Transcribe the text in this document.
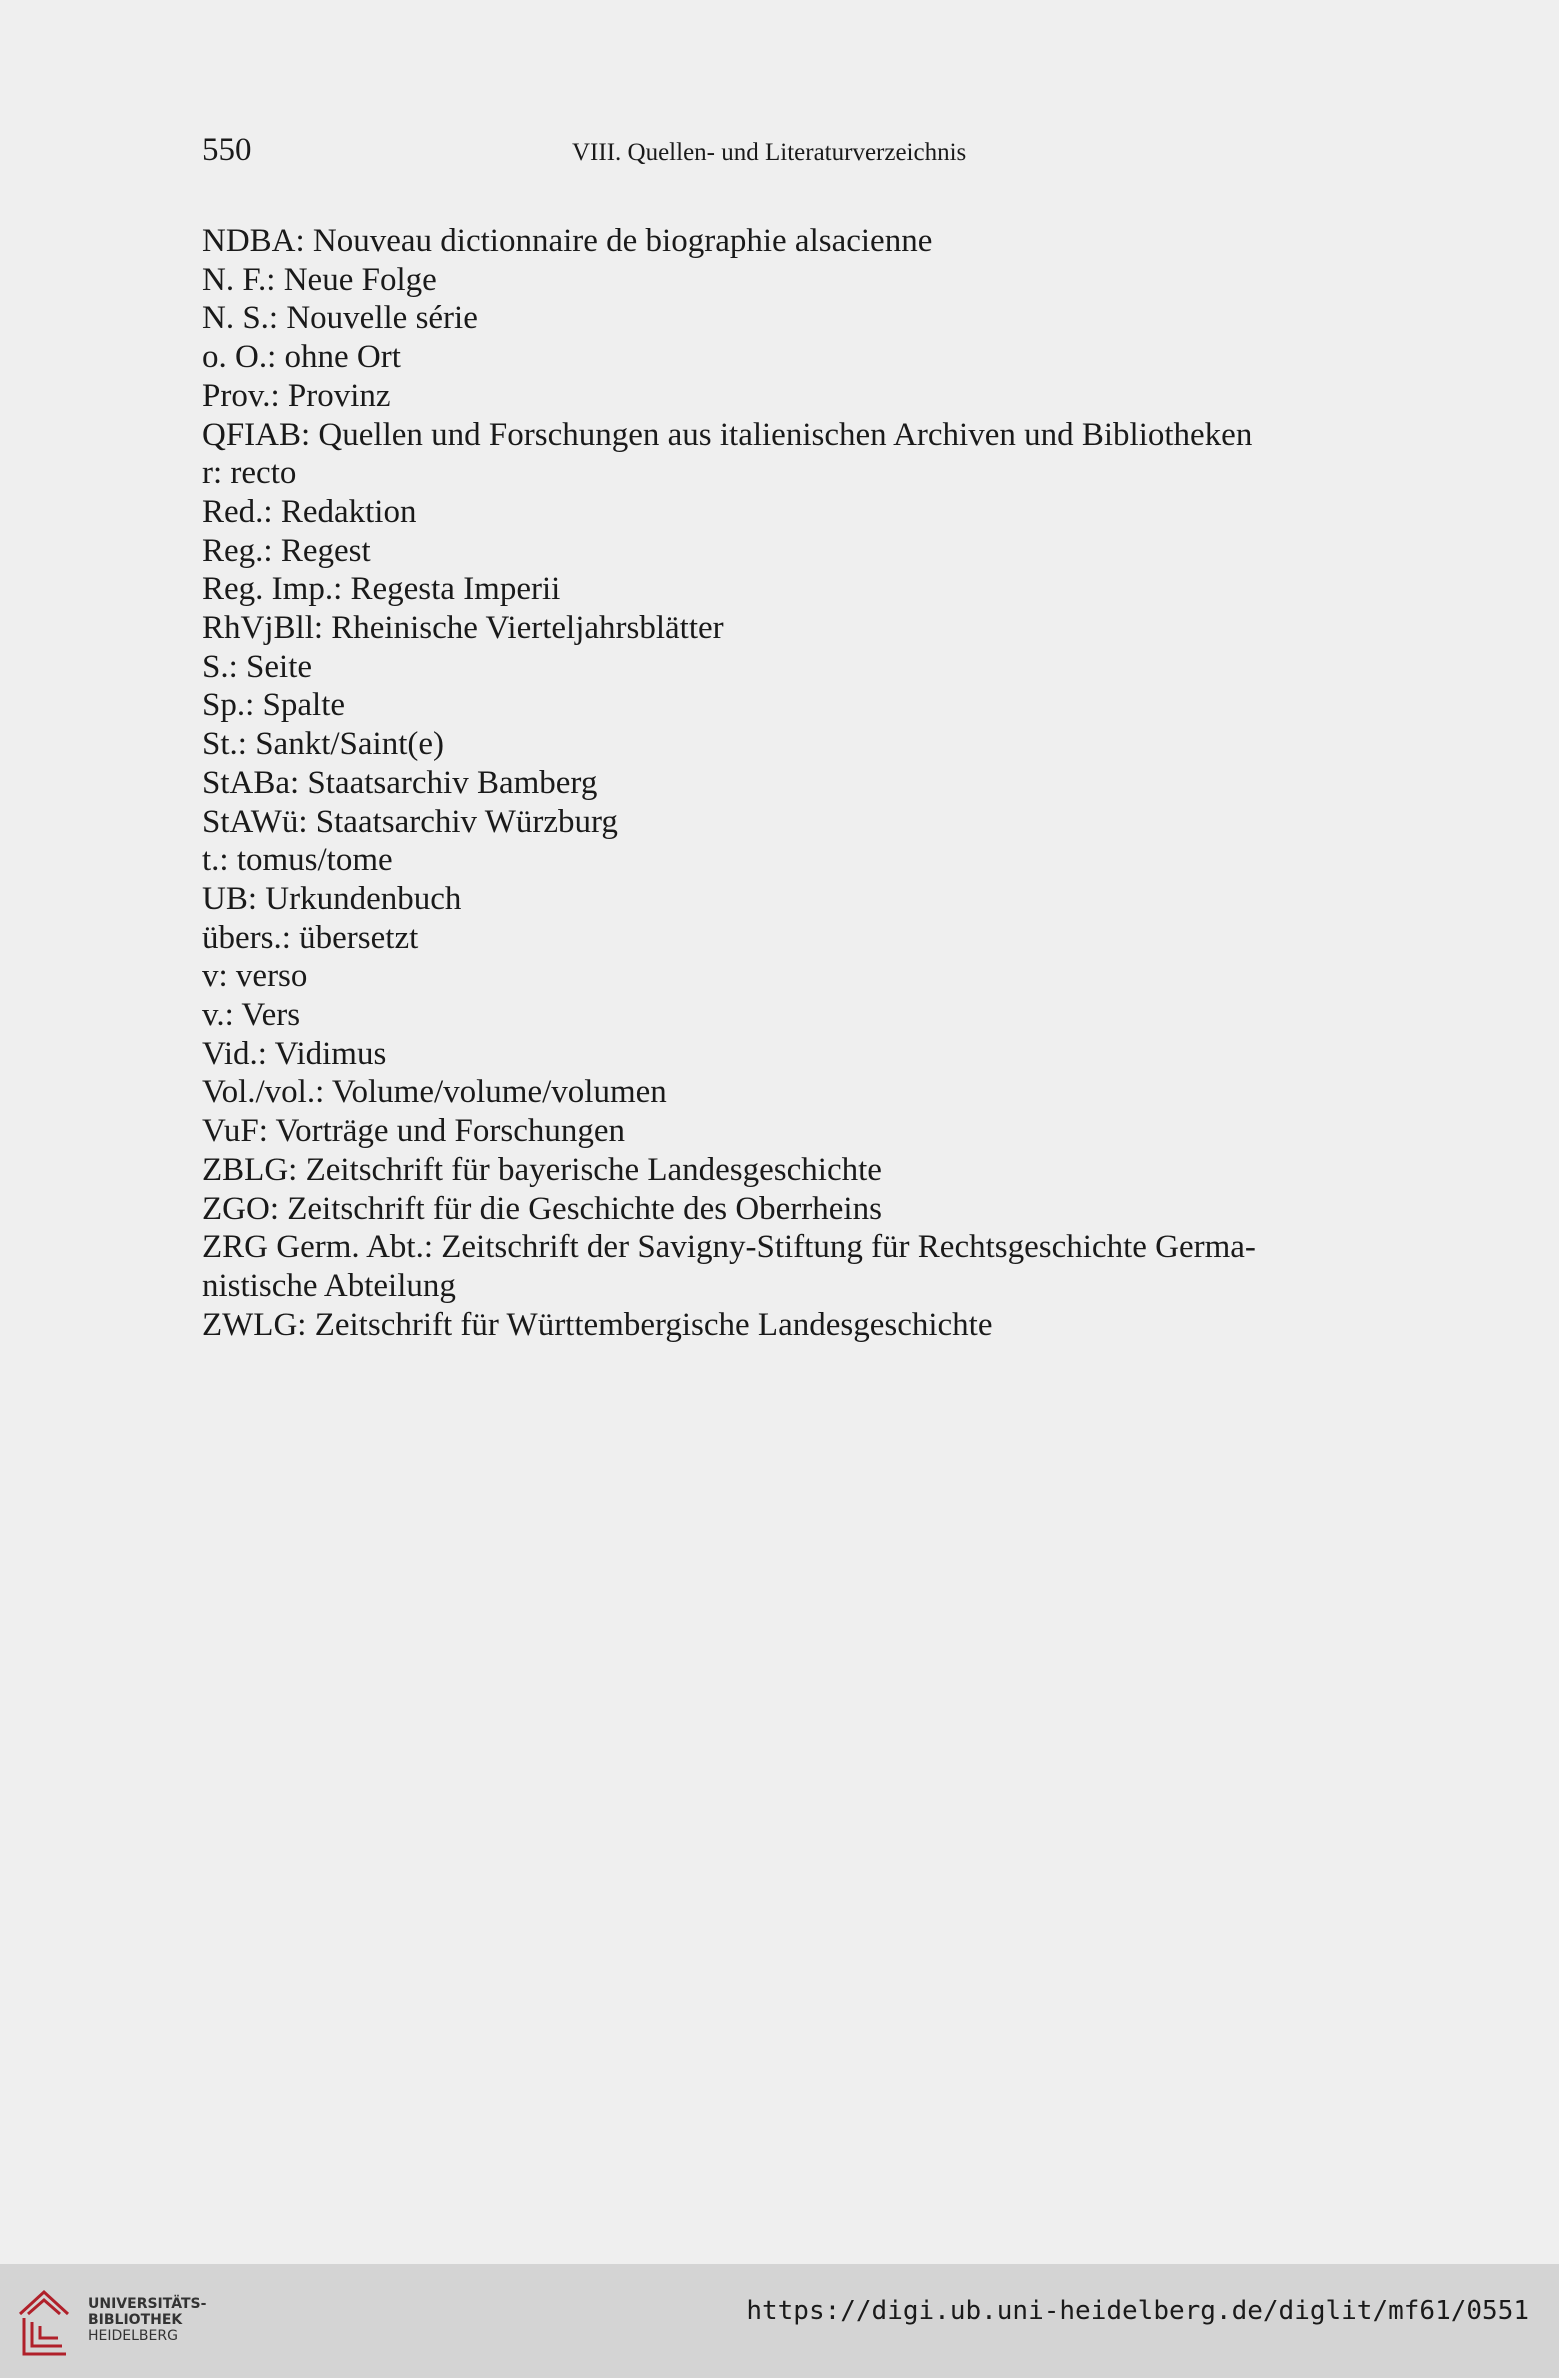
550	VIII. Quellen- und Literaturverzeichnis
NDBA: Nouveau dictionnaire de biographie alsacienne
N. F.: Neue Folge
N. S.: Nouvelle série
o. O.: ohne Ort
Prov.: Provinz
QFIAB: Quellen und Forschungen aus italienischen Archiven und Bibliotheken
r: recto
Red.: Redaktion
Reg.: Regest
Reg. Imp.: Regesta Imperii
RhVjBll: Rheinische Vierteljahrsblätter
S.: Seite
Sp.: Spalte
St.: Sankt/Saint(e)
StABa: Staatsarchiv Bamberg
StAWü: Staatsarchiv Würzburg
t.: tomus/tome
UB: Urkundenbuch
übers.: übersetzt
v: verso
v.: Vers
Vid.: Vidimus
Vol./vol.: Volume/volume/volumen
VuF: Vorträge und Forschungen
ZBLG: Zeitschrift für bayerische Landesgeschichte
ZGO: Zeitschrift für die Geschichte des Oberrheins
ZRG Germ. Abt.: Zeitschrift der Savigny-Stiftung für Rechtsgeschichte Germa-
nistische Abteilung
ZWLG: Zeitschrift für Württembergische Landesgeschichte
UNIVERSITÄTS-
BIBLIOTHEK
HEIDELBERG
https://digi.ub.uni-heidelberg.de/diglit/mf61/0551
